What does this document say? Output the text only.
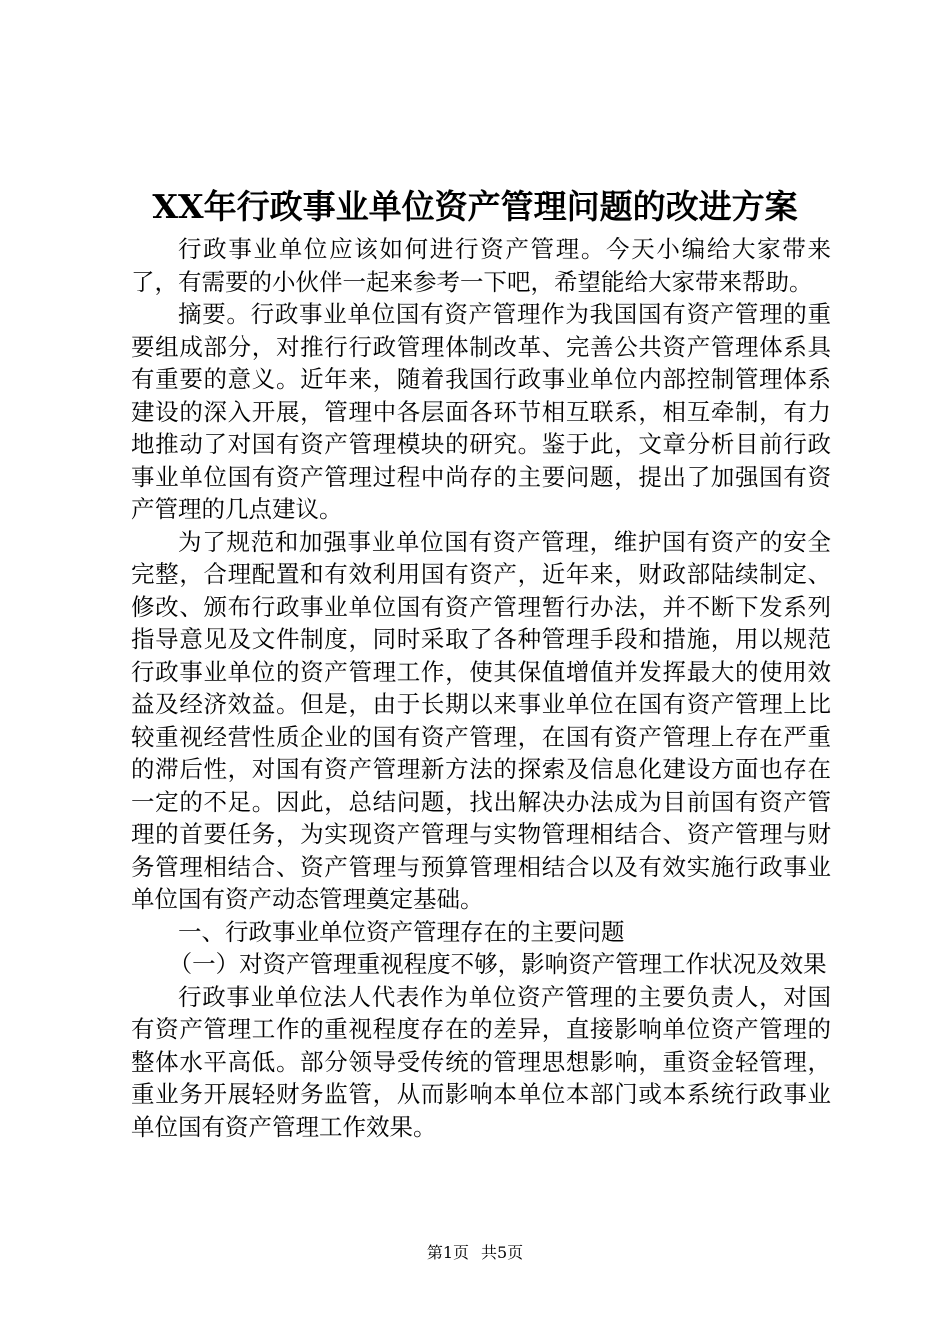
XX年行政事业单位资产管理问题的改进方案

行政事业单位应该如何进行资产管理。今天小编给大家带来了，有需要的小伙伴一起来参考一下吧，希望能给大家带来帮助。

摘要。行政事业单位国有资产管理作为我国国有资产管理的重要组成部分，对推行行政管理体制改革、完善公共资产管理体系具有重要的意义。近年来，随着我国行政事业单位内部控制管理体系建设的深入开展，管理中各层面各环节相互联系，相互牵制，有力地推动了对国有资产管理模块的研究。鉴于此，文章分析目前行政事业单位国有资产管理过程中尚存的主要问题，提出了加强国有资产管理的几点建议。

为了规范和加强事业单位国有资产管理，维护国有资产的安全完整，合理配置和有效利用国有资产，近年来，财政部陆续制定、修改、颁布行政事业单位国有资产管理暂行办法，并不断下发系列指导意见及文件制度，同时采取了各种管理手段和措施，用以规范行政事业单位的资产管理工作，使其保值增值并发挥最大的使用效益及经济效益。但是，由于长期以来事业单位在国有资产管理上比较重视经营性质企业的国有资产管理，在国有资产管理上存在严重的滞后性，对国有资产管理新方法的探索及信息化建设方面也存在一定的不足。因此，总结问题，找出解决办法成为目前国有资产管理的首要任务，为实现资产管理与实物管理相结合、资产管理与财务管理相结合、资产管理与预算管理相结合以及有效实施行政事业单位国有资产动态管理奠定基础。

一、行政事业单位资产管理存在的主要问题

（一）对资产管理重视程度不够，影响资产管理工作状况及效果

行政事业单位法人代表作为单位资产管理的主要负责人，对国有资产管理工作的重视程度存在的差异，直接影响单位资产管理的整体水平高低。部分领导受传统的管理思想影响，重资金轻管理，重业务开展轻财务监管，从而影响本单位本部门或本系统行政事业单位国有资产管理工作效果。

第1页 共5页
